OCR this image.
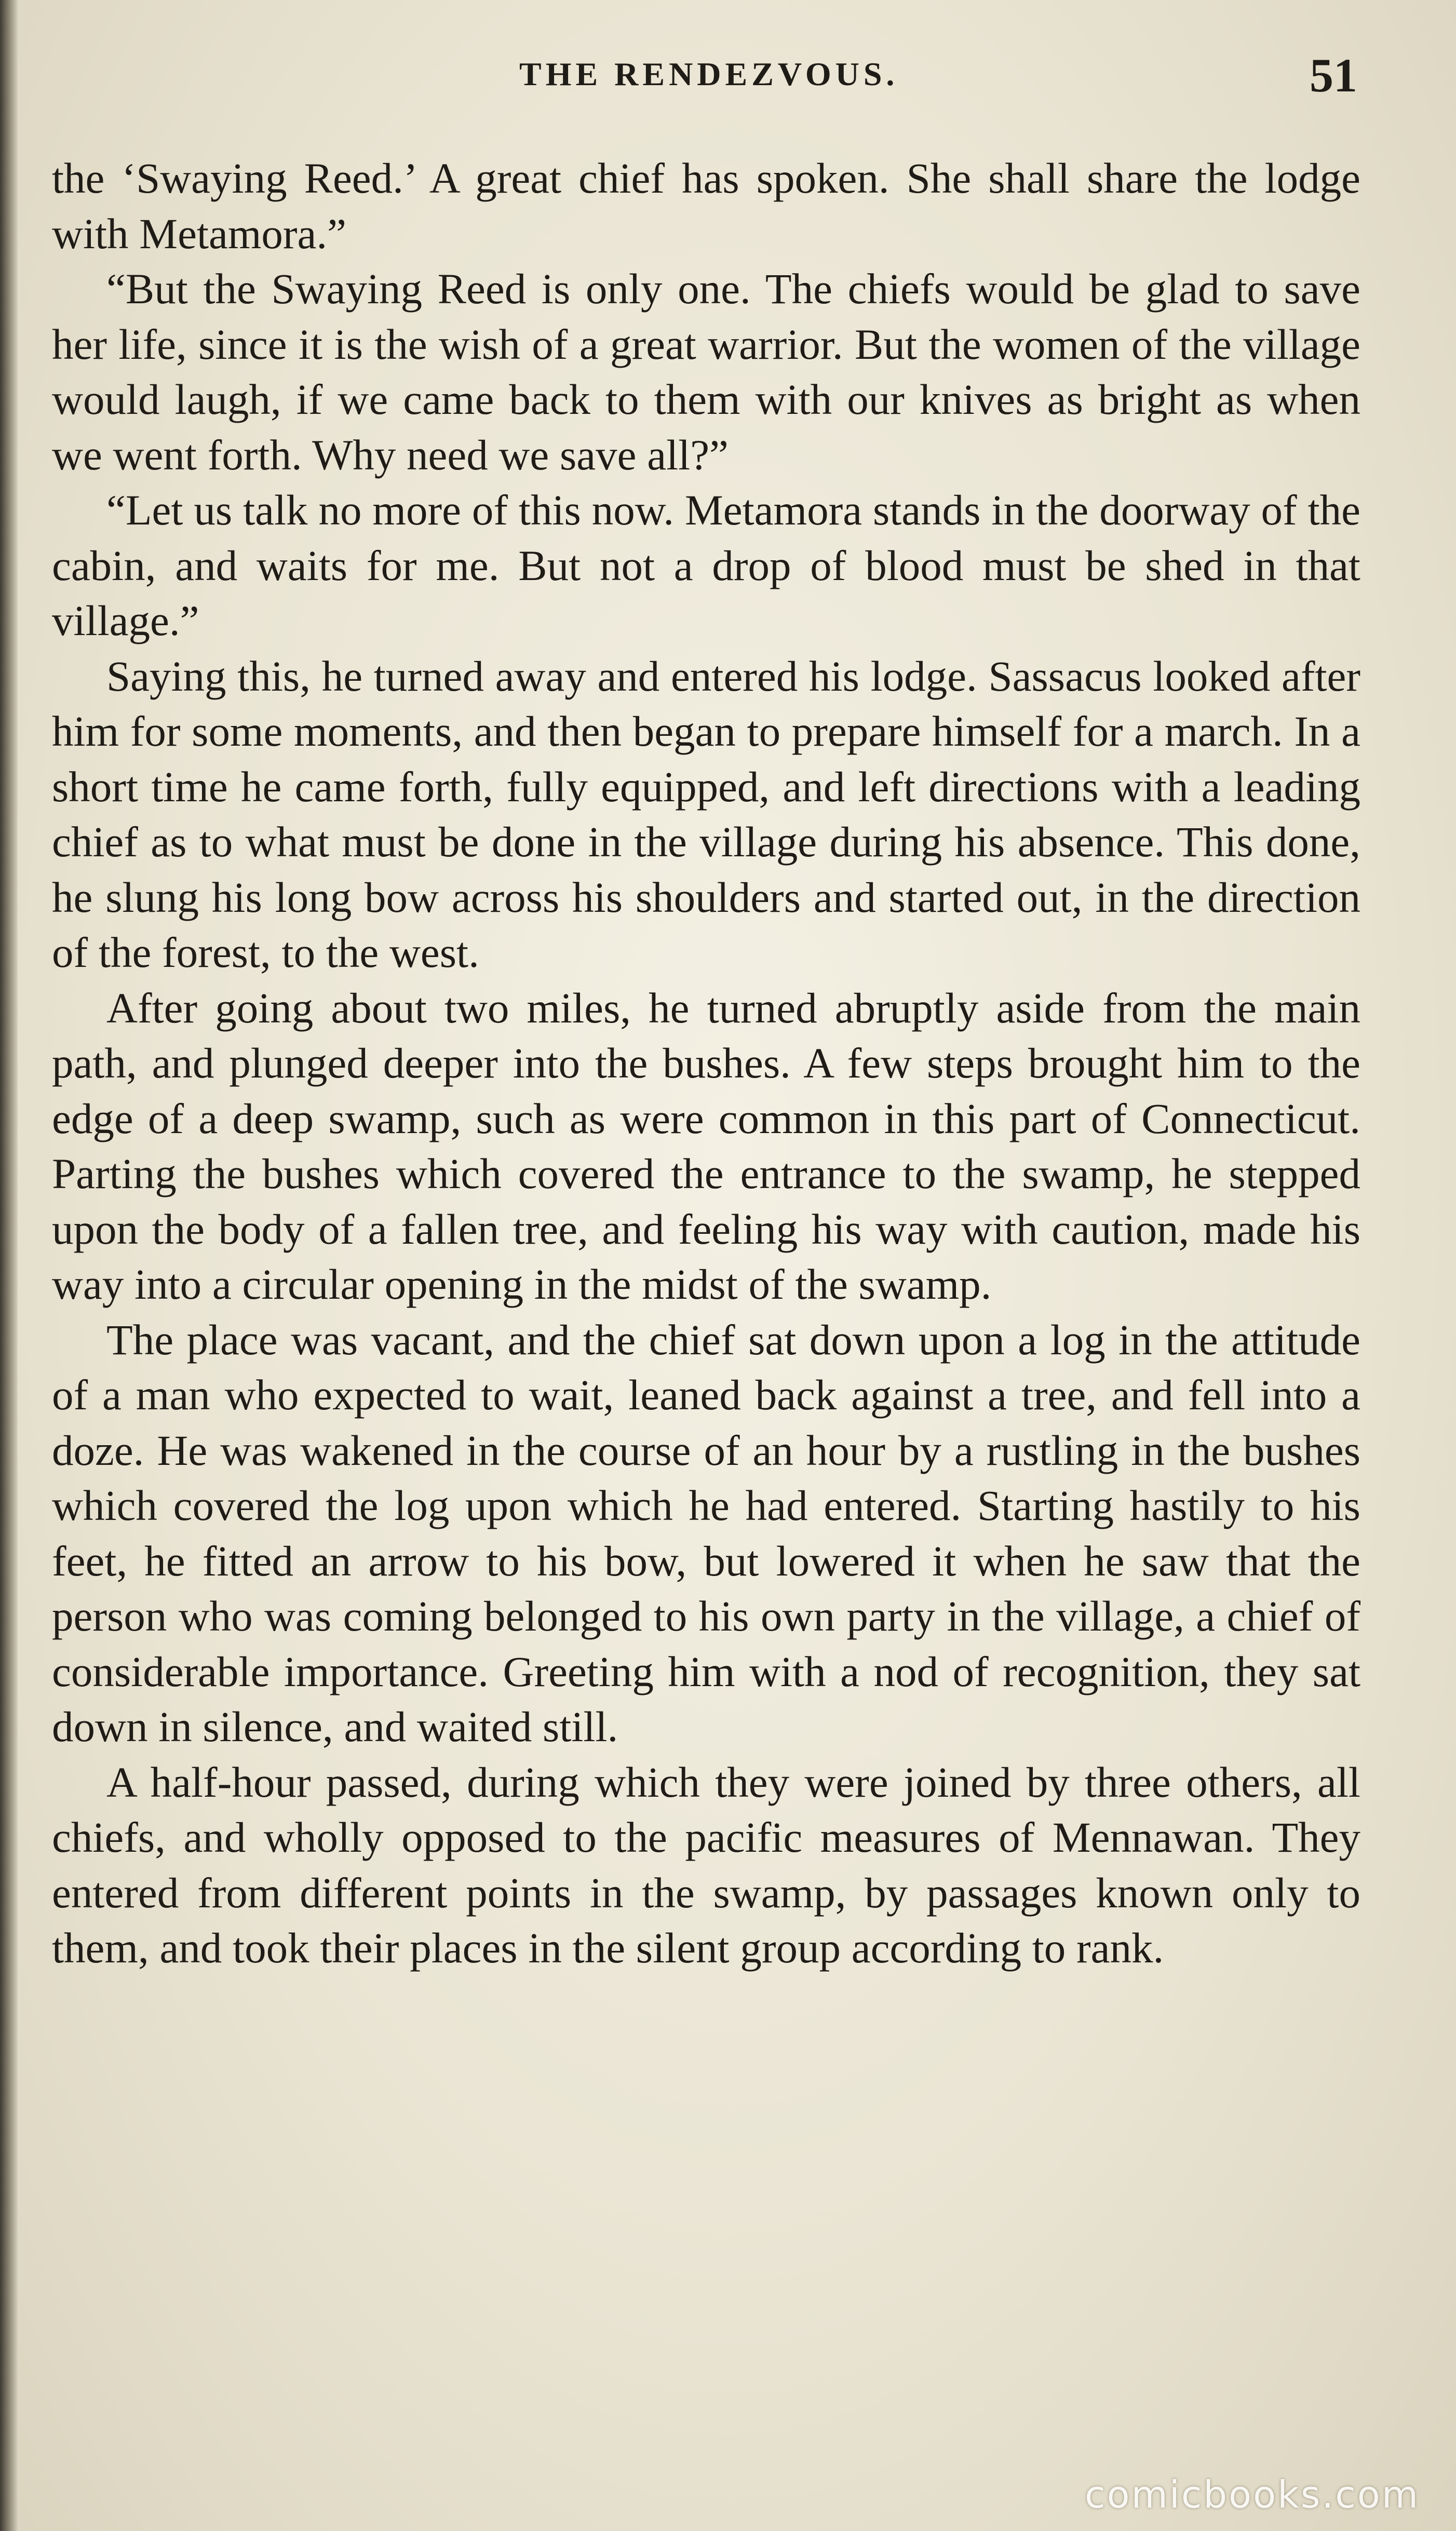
THE RENDEZVOUS.	51

the ‘Swaying Reed.’ A great chief has spoken. She shall share the lodge with Metamora.”

“But the Swaying Reed is only one. The chiefs would be glad to save her life, since it is the wish of a great warrior. But the women of the village would laugh, if we came back to them with our knives as bright as when we went forth. Why need we save all?”

“Let us talk no more of this now. Metamora stands in the doorway of the cabin, and waits for me. But not a drop of blood must be shed in that village.”

Saying this, he turned away and entered his lodge. Sassacus looked after him for some moments, and then began to prepare himself for a march. In a short time he came forth, fully equipped, and left directions with a leading chief as to what must be done in the village during his absence. This done, he slung his long bow across his shoulders and started out, in the direction of the forest, to the west.

After going about two miles, he turned abruptly aside from the main path, and plunged deeper into the bushes. A few steps brought him to the edge of a deep swamp, such as were common in this part of Connecticut. Parting the bushes which covered the entrance to the swamp, he stepped upon the body of a fallen tree, and feeling his way with caution, made his way into a circular opening in the midst of the swamp.

The place was vacant, and the chief sat down upon a log in the attitude of a man who expected to wait, leaned back against a tree, and fell into a doze. He was wakened in the course of an hour by a rustling in the bushes which covered the log upon which he had entered. Starting hastily to his feet, he fitted an arrow to his bow, but lowered it when he saw that the person who was coming belonged to his own party in the village, a chief of considerable importance. Greeting him with a nod of recognition, they sat down in silence, and waited still.

A half-hour passed, during which they were joined by three others, all chiefs, and wholly opposed to the pacific measures of Mennawan. They entered from different points in the swamp, by passages known only to them, and took their places in the silent group according to rank.

comicbooks.com
